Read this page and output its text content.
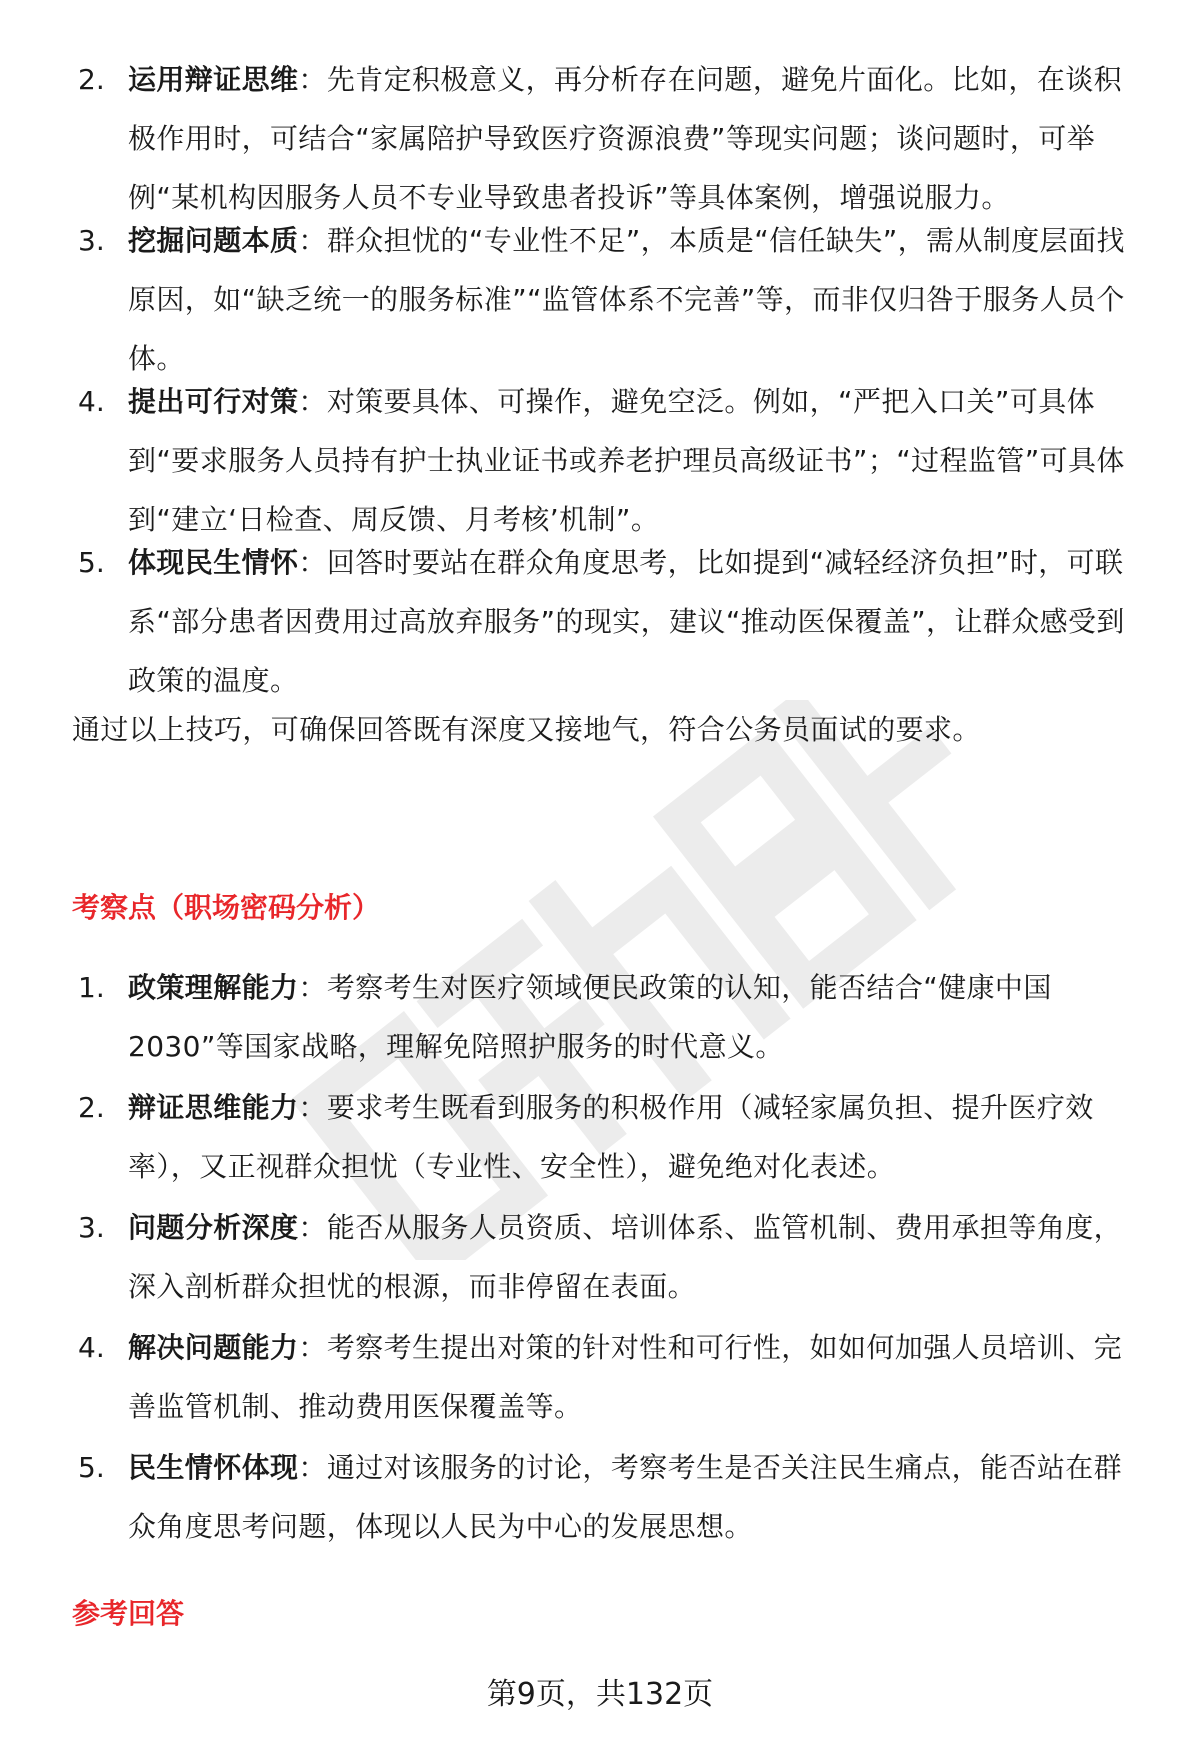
2. 运用辩证思维：先肯定积极意义，再分析存在问题，避免片面化。比如，在谈积极作用时，可结合“家属陪护导致医疗资源浪费”等现实问题；谈问题时，可举例“某机构因服务人员不专业导致患者投诉”等具体案例，增强说服力。
3. 挖掘问题本质：群众担忧的“专业性不足”，本质是“信任缺失”，需从制度层面找原因，如“缺乏统一的服务标准”“监管体系不完善”等，而非仅归咎于服务人员个体。
4. 提出可行对策：对策要具体、可操作，避免空泛。例如，“严把入口关”可具体到“要求服务人员持有护士执业证书或养老护理员高级证书”；“过程监管”可具体到“建立‘日检查、周反馈、月考核’机制”。
5. 体现民生情怀：回答时要站在群众角度思考，比如提到“减轻经济负担”时，可联系“部分患者因费用过高放弃服务”的现实，建议“推动医保覆盖”，让群众感受到政策的温度。
通过以上技巧，可确保回答既有深度又接地气，符合公务员面试的要求。
考察点（职场密码分析）
1. 政策理解能力：考察考生对医疗领域便民政策的认知，能否结合“健康中国2030”等国家战略，理解免陪照护服务的时代意义。
2. 辩证思维能力：要求考生既看到服务的积极作用（减轻家属负担、提升医疗效率），又正视群众担忧（专业性、安全性），避免绝对化表述。
3. 问题分析深度：能否从服务人员资质、培训体系、监管机制、费用承担等角度，深入剖析群众担忧的根源，而非停留在表面。
4. 解决问题能力：考察考生提出对策的针对性和可行性，如如何加强人员培训、完善监管机制、推动费用医保覆盖等。
5. 民生情怀体现：通过对该服务的讨论，考察考生是否关注民生痛点，能否站在群众角度思考问题，体现以人民为中心的发展思想。
参考回答
第9页，共132页
